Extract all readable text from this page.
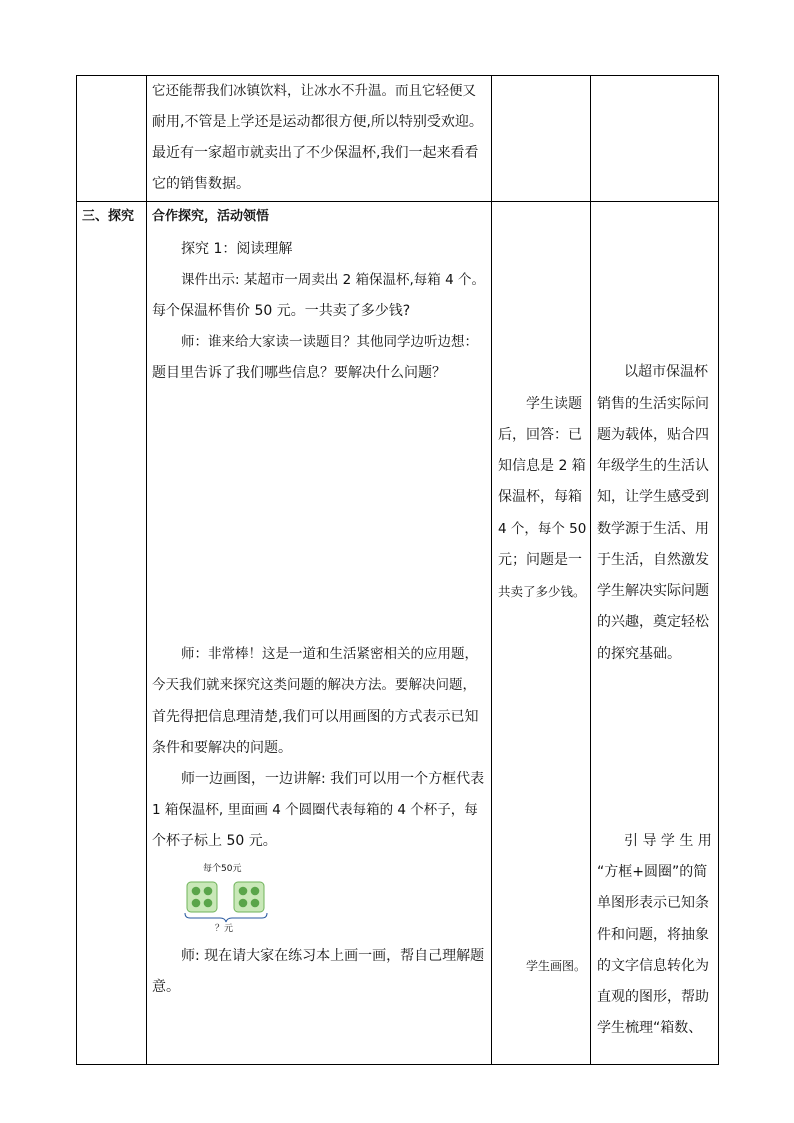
三、探究
它还能帮我们冰镇饮料，让冰水不升温。而且它轻便又
耐用,不管是上学还是运动都很方便,所以特别受欢迎。
最近有一家超市就卖出了不少保温杯,我们一起来看看
它的销售数据。
合作探究，活动领悟
探究 1：阅读理解
课件出示: 某超市一周卖出 2 箱保温杯,每箱 4 个。
每个保温杯售价 50 元。一共卖了多少钱?
师：谁来给大家读一读题目？其他同学边听边想：
题目里告诉了我们哪些信息？要解决什么问题？
师：非常棒！这是一道和生活紧密相关的应用题，
今天我们就来探究这类问题的解决方法。要解决问题，
首先得把信息理清楚,我们可以用画图的方式表示已知
条件和要解决的问题。
师一边画图，一边讲解: 我们可以用一个方框代表
1 箱保温杯, 里面画 4 个圆圈代表每箱的 4 个杯子，每
个杯子标上 50 元。
每个50元
？元
师: 现在请大家在练习本上画一画，帮自己理解题
意。
学生读题
后，回答：已
知信息是 2 箱
保温杯，每箱
4 个，每个 50
元；问题是一
共卖了多少钱。
学生画图。
以超市保温杯
销售的生活实际问
题为载体，贴合四
年级学生的生活认
知，让学生感受到
数学源于生活、用
于生活，自然激发
学生解决实际问题
的兴趣，奠定轻松
的探究基础。
引 导 学 生 用
“方框+圆圈”的简
单图形表示已知条
件和问题，将抽象
的文字信息转化为
直观的图形，帮助
学生梳理“箱数、
